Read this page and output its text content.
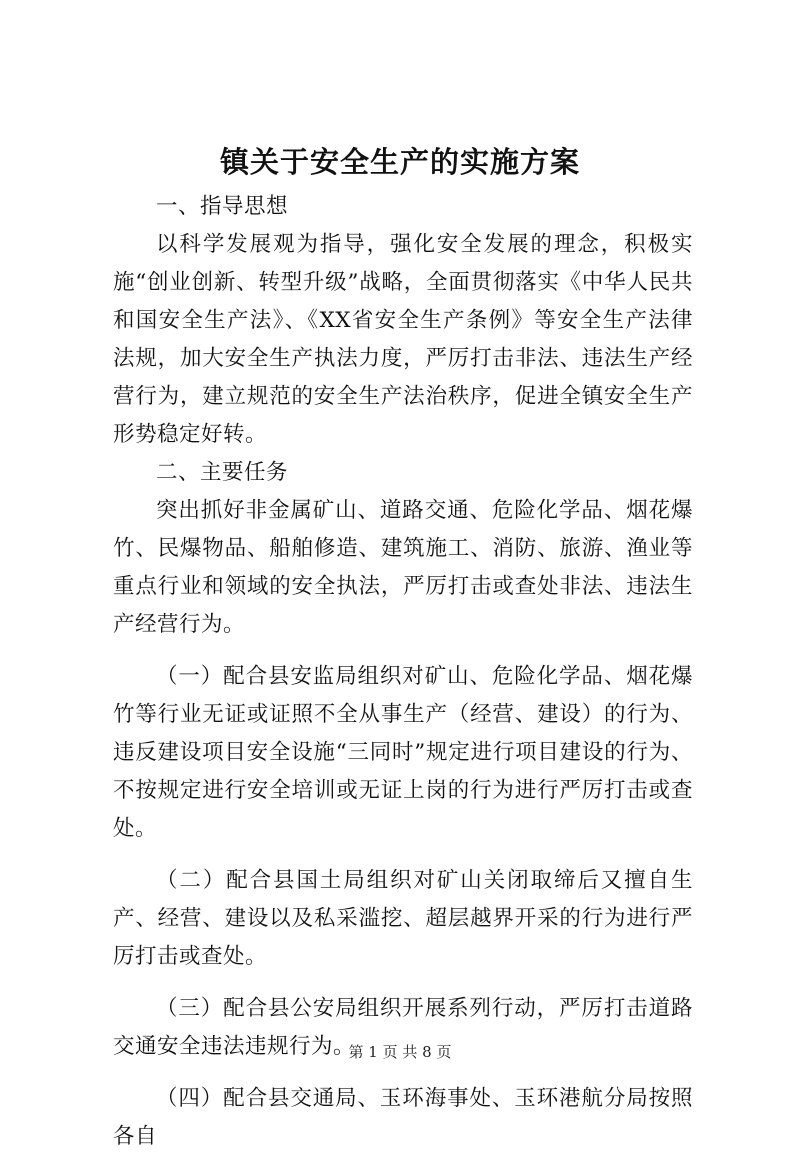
镇关于安全生产的实施方案

一、指导思想

以科学发展观为指导，强化安全发展的理念，积极实施“创业创新、转型升级”战略，全面贯彻落实《中华人民共和国安全生产法》、《XX省安全生产条例》等安全生产法律法规，加大安全生产执法力度，严厉打击非法、违法生产经营行为，建立规范的安全生产法治秩序，促进全镇安全生产形势稳定好转。

二、主要任务

突出抓好非金属矿山、道路交通、危险化学品、烟花爆竹、民爆物品、船舶修造、建筑施工、消防、旅游、渔业等重点行业和领域的安全执法，严厉打击或查处非法、违法生产经营行为。

（一）配合县安监局组织对矿山、危险化学品、烟花爆竹等行业无证或证照不全从事生产（经营、建设）的行为、违反建设项目安全设施“三同时”规定进行项目建设的行为、不按规定进行安全培训或无证上岗的行为进行严厉打击或查处。

（二）配合县国土局组织对矿山关闭取缔后又擅自生产、经营、建设以及私采滥挖、超层越界开采的行为进行严厉打击或查处。

（三）配合县公安局组织开展系列行动，严厉打击道路交通安全违法违规行为。

（四）配合县交通局、玉环海事处、玉环港航分局按照各自

第 1 页 共 8 页
